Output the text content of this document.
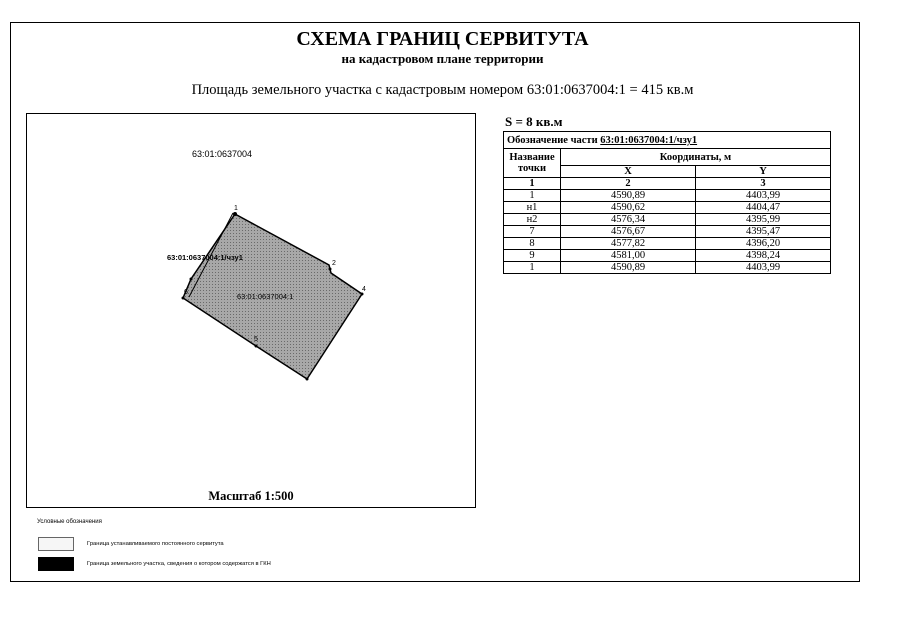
СХЕМА ГРАНИЦ СЕРВИТУТА
на кадастровом плане территории
Площадь земельного участка с кадастровым номером 63:01:0637004:1 = 415 кв.м
63:01:0637004
1
2
4
5
6
63:01:0637004:1/чзу1
63:01:0637004:1
Масштаб 1:500
S = 8 кв.м
Обозначение части 63:01:0637004:1/чзу1		
Название точки	Координаты, м	
	X	Y
1	2	3
1	4590,89	4403,99
н1	4590,62	4404,47
н2	4576,34	4395,99
7	4576,67	4395,47
8	4577,82	4396,20
9	4581,00	4398,24
1	4590,89	4403,99
Условные обозначения
Граница устанавливаемого постоянного сервитута
Граница земельного участка, сведения о котором содержатся в ГКН
